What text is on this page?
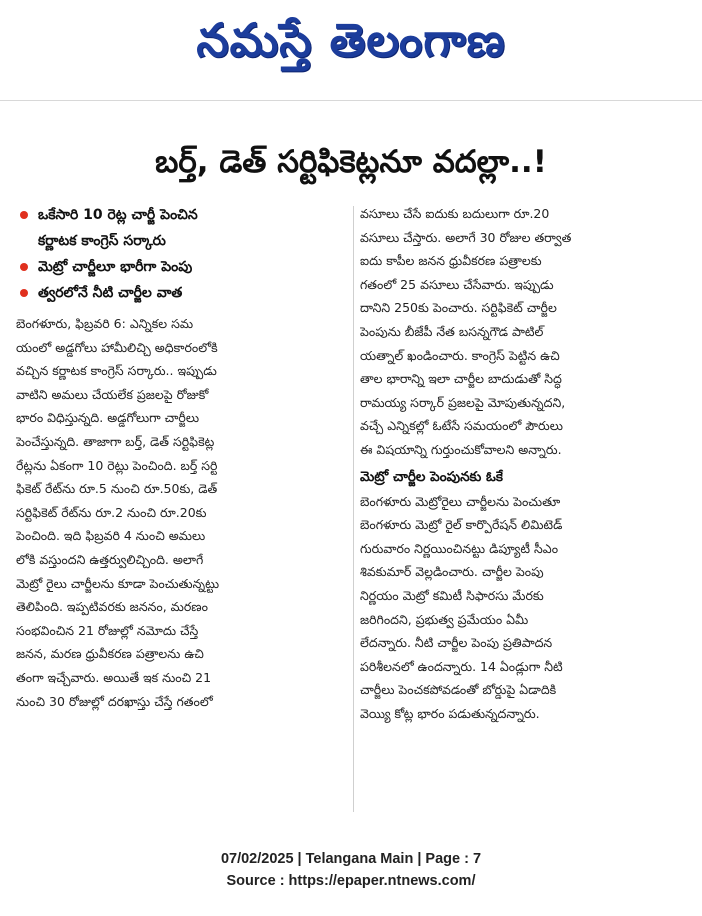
నమస్తే తెలంగాణ
బర్త్, డెత్ సర్టిఫికెట్లనూ వదల్లా..!
ఒకేసారి 10 రెట్ల చార్జీ పెంచిన
కర్ణాటక కాంగ్రెస్ సర్కారు
మెట్రో చార్జీలూ భారీగా పెంపు
త్వరలోనే నీటి చార్జీల వాత
బెంగళూరు, ఫిబ్రవరి 6: ఎన్నికల సమ
యంలో అడ్డగోలు హామీలిచ్చి అధికారంలోకి
వచ్చిన కర్ణాటక కాంగ్రెస్ సర్కారు.. ఇప్పుడు
వాటిని అమలు చేయలేక ప్రజలపై రోజుకో
భారం విధిస్తున్నది. అడ్డగోలుగా చార్జీలు
పెంచేస్తున్నది. తాజాగా బర్త్, డెత్ సర్టిఫికెట్ల
రేట్లను ఏకంగా 10 రెట్లు పెంచింది. బర్త్ సర్టి
ఫికెట్ రేట్‌ను రూ.5 నుంచి రూ.50కు, డెత్
సర్టిఫికెట్ రేట్‌ను రూ.2 నుంచి రూ.20కు
పెంచింది. ఇది ఫిబ్రవరి 4 నుంచి అమలు
లోకి వస్తుందని ఉత్తర్వులిచ్చింది. అలాగే
మెట్రో రైలు చార్జీలను కూడా పెంచుతున్నట్టు
తెలిపింది. ఇప్పటివరకు జననం, మరణం
సంభవించిన 21 రోజుల్లో నమోదు చేస్తే
జనన, మరణ ధ్రువీకరణ పత్రాలను ఉచి
తంగా ఇచ్చేవారు. అయితే ఇక నుంచి 21
నుంచి 30 రోజుల్లో దరఖాస్తు చేస్తే గతంలో
వసూలు చేసే ఐదుకు బదులుగా రూ.20
వసూలు చేస్తారు. అలాగే 30 రోజుల తర్వాత
ఐదు కాపీల జనన ధ్రువీకరణ పత్రాలకు
గతంలో 25 వసూలు చేసేవారు. ఇప్పుడు
దానిని 250కు పెంచారు. సర్టిఫికెట్ చార్జీల
పెంపును బీజేపీ నేత బసన్నగౌడ పాటిల్
యత్నాల్ ఖండించారు. కాంగ్రెస్ పెట్టిన ఉచి
తాల భారాన్ని ఇలా చార్జీల బాదుడుతో సిద్ధ
రామయ్య సర్కార్ ప్రజలపై మోపుతున్నదని,
వచ్చే ఎన్నికల్లో ఓటేసే సమయంలో పౌరులు
ఈ విషయాన్ని గుర్తుంచుకోవాలని అన్నారు.
మెట్రో చార్జీల పెంపునకు ఓకే
బెంగళూరు మెట్రోరైలు చార్జీలను పెంచుతూ
బెంగళూరు మెట్రో రైల్ కార్పొరేషన్ లిమిటెడ్
గురువారం నిర్ణయించినట్టు డిప్యూటీ సీఎం
శివకుమార్ వెల్లడించారు. చార్జీల పెంపు
నిర్ణయం మెట్రో కమిటీ సిఫారసు మేరకు
జరిగిందని, ప్రభుత్వ ప్రమేయం ఏమీ
లేదన్నారు. నీటి చార్జీల పెంపు ప్రతిపాదన
పరిశీలనలో ఉందన్నారు. 14 ఏండ్లుగా నీటి
చార్జీలు పెంచకపోవడంతో బోర్డుపై ఏడాదికి
వెయ్యి కోట్ల భారం పడుతున్నదన్నారు.
07/02/2025 | Telangana Main | Page : 7
Source : https://epaper.ntnews.com/
